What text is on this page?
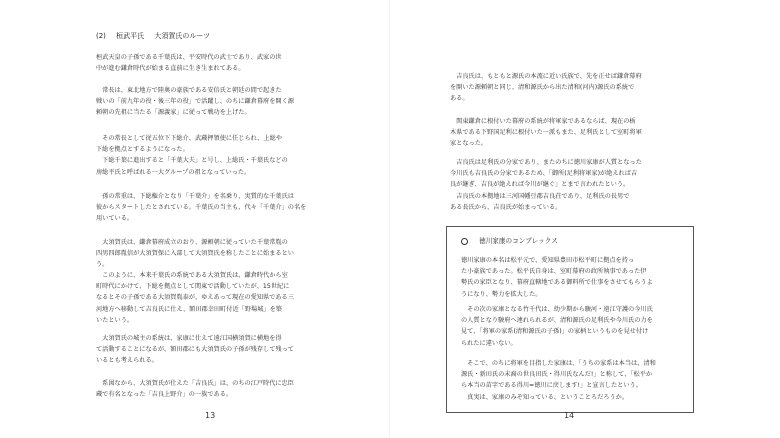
(2) 桓武平氏 大須賀氏のルーツ

桓武天皇の子孫である千葉氏は、平安時代の武士であり、武家の世
中が進む鎌倉時代が始まる直前に生き生まれてある。

　常長は、東北地方で陸奥の豪族である安倍氏と朝廷の間で起きた
戦いの「前九年の役・後三年の役」で活躍し、のちに鎌倉幕府を開く源
頼朝の先祖に当たる「源義家」に従って戦功を上げた。

　その常長として従五位下下総介、武蔵押領使に任じられ、上総や
下総を拠点とするようになった。
　下総千葉に進出すると「千葉大夫」と号し、上総氏・千葉氏などの
房総平氏と呼ばれる一大グループの祖となっていった。

　孫の常重は、下総権介となり「千葉介」を名乗り、実質的な千葉氏は
彼からスタートしたとされている。千葉氏の当主も、代々「千葉介」の名を
用いている。

　大須賀氏は、鎌倉幕府成立のおり、源頼朝に従っていた千葉常胤の
四男四郎胤信が大須賀保に入部して大須賀氏を称したことに始まるとい
う。

　このように、本来千葉氏の系統である大須賀氏は、鎌倉時代から室
町時代にかけて、下総を拠点として関東で活動していたが、15世紀に
なるとその子孫である大須賀胤泰が、ゆえあって現在の愛知県である三
河地方へ移動して吉良氏に仕え、額田郡幸田町付近「野場城」を築
いたという。

　大須賀氏の城主の系統は、家康に仕えて遠江国横須賀に横地を得
て活動することになるが、額田郡にも大須賀氏の子孫が残存して残って
いるとも考えられる。

　系図なから、大須賀氏が仕えた「吉良氏」は、のちの江戸時代に忠臣
蔵で有名となった「吉良上野介」の一族である。

13

　吉良氏は、もともと源氏の本流に近い氏族で、先を正せば鎌倉幕府
を開いた源頼朝と同じ、清和源氏から出た清和(河内)源氏の系統で
ある。

　関東鎌倉に根付いた幕府の系統が将軍家であるならば、現在の栃
木県である下野国足利に根付いた一派もまた、足利氏として室町将軍
家となった。

　吉良氏は足利氏の分家であり、またのちに徳川家康が人質となった
今川氏も吉良氏の分家であるため、「御所(足利将軍家)が絶えれば吉
良が継ぎ、吉良が絶えれば今川が継ぐ」とまで言われたという。
　吉良氏の本拠地は三河国幡豆郡吉良荘であり、足利氏の長男で
ある長氏から、吉良氏が始まっている。

徳川家康のコンプレックス

徳川家康の本名は松平元で、愛知県豊田市松平町に拠点を持っ
た小豪族であった。松平氏自身は、室町幕府の政所執事であった伊
勢氏の家臣となり、幕府直轄地である御料所で仕事をさせてもらうよ
うになり、勢力を拡大した。

　その次の家康となる竹千代は、幼少期から駿河・遠江守護の今川氏
の人質となり駿府へ連れられるが、清和源氏の足利氏や今川氏の力を
見て、「将軍の家系(清和源氏の子孫)」の家柄というものを見せ付け
られたに違いない。

　そこで、のちに将軍を目指した家康は、「うちの家系は本当は、清和
源氏・新田氏の末裔の世良田氏・得川氏なんだ!」と称して、「松平か
ら本当の苗字である得川=徳川に戻します!」と宣言したという。
　真実は、家康のみぞ知っている、ということろだろうか。

14
